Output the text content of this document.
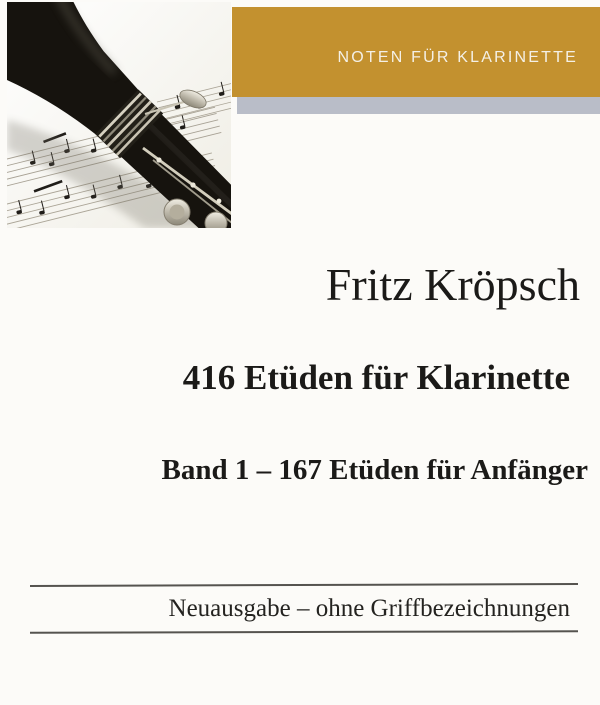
NOTEN FÜR KLARINETTE
Fritz Kröpsch
416 Etüden für Klarinette
Band 1 – 167 Etüden für Anfänger
Neuausgabe – ohne Griffbezeichnungen
